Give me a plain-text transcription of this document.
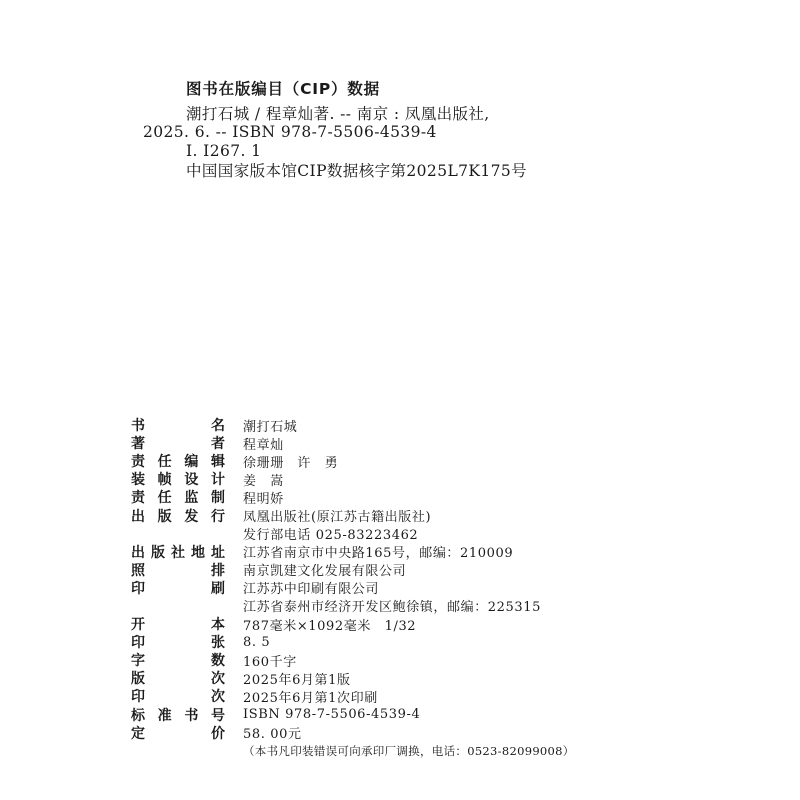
图书在版编目（CIP）数据
潮打石城 / 程章灿著. -- 南京 : 凤凰出版社,
2025. 6. -- ISBN 978-7-5506-4539-4
Ⅰ. I267. 1
中国国家版本馆CIP数据核字第2025L7K175号
书名 潮打石城
著者 程章灿
责任编辑 徐珊珊　许　勇
装帧设计 姜　嵩
责任监制 程明娇
出版发行 凤凰出版社(原江苏古籍出版社)
发行部电话 025-83223462
出版社地址 江苏省南京市中央路165号，邮编：210009
照排 南京凯建文化发展有限公司
印刷 江苏苏中印刷有限公司
江苏省泰州市经济开发区鲍徐镇，邮编：225315
开本 787毫米×1092毫米　1/32
印张 8. 5
字数 160千字
版次 2025年6月第1版
印次 2025年6月第1次印刷
标准书号 ISBN 978-7-5506-4539-4
定价 58. 00元
（本书凡印装错误可向承印厂调换，电话：0523-82099008）
